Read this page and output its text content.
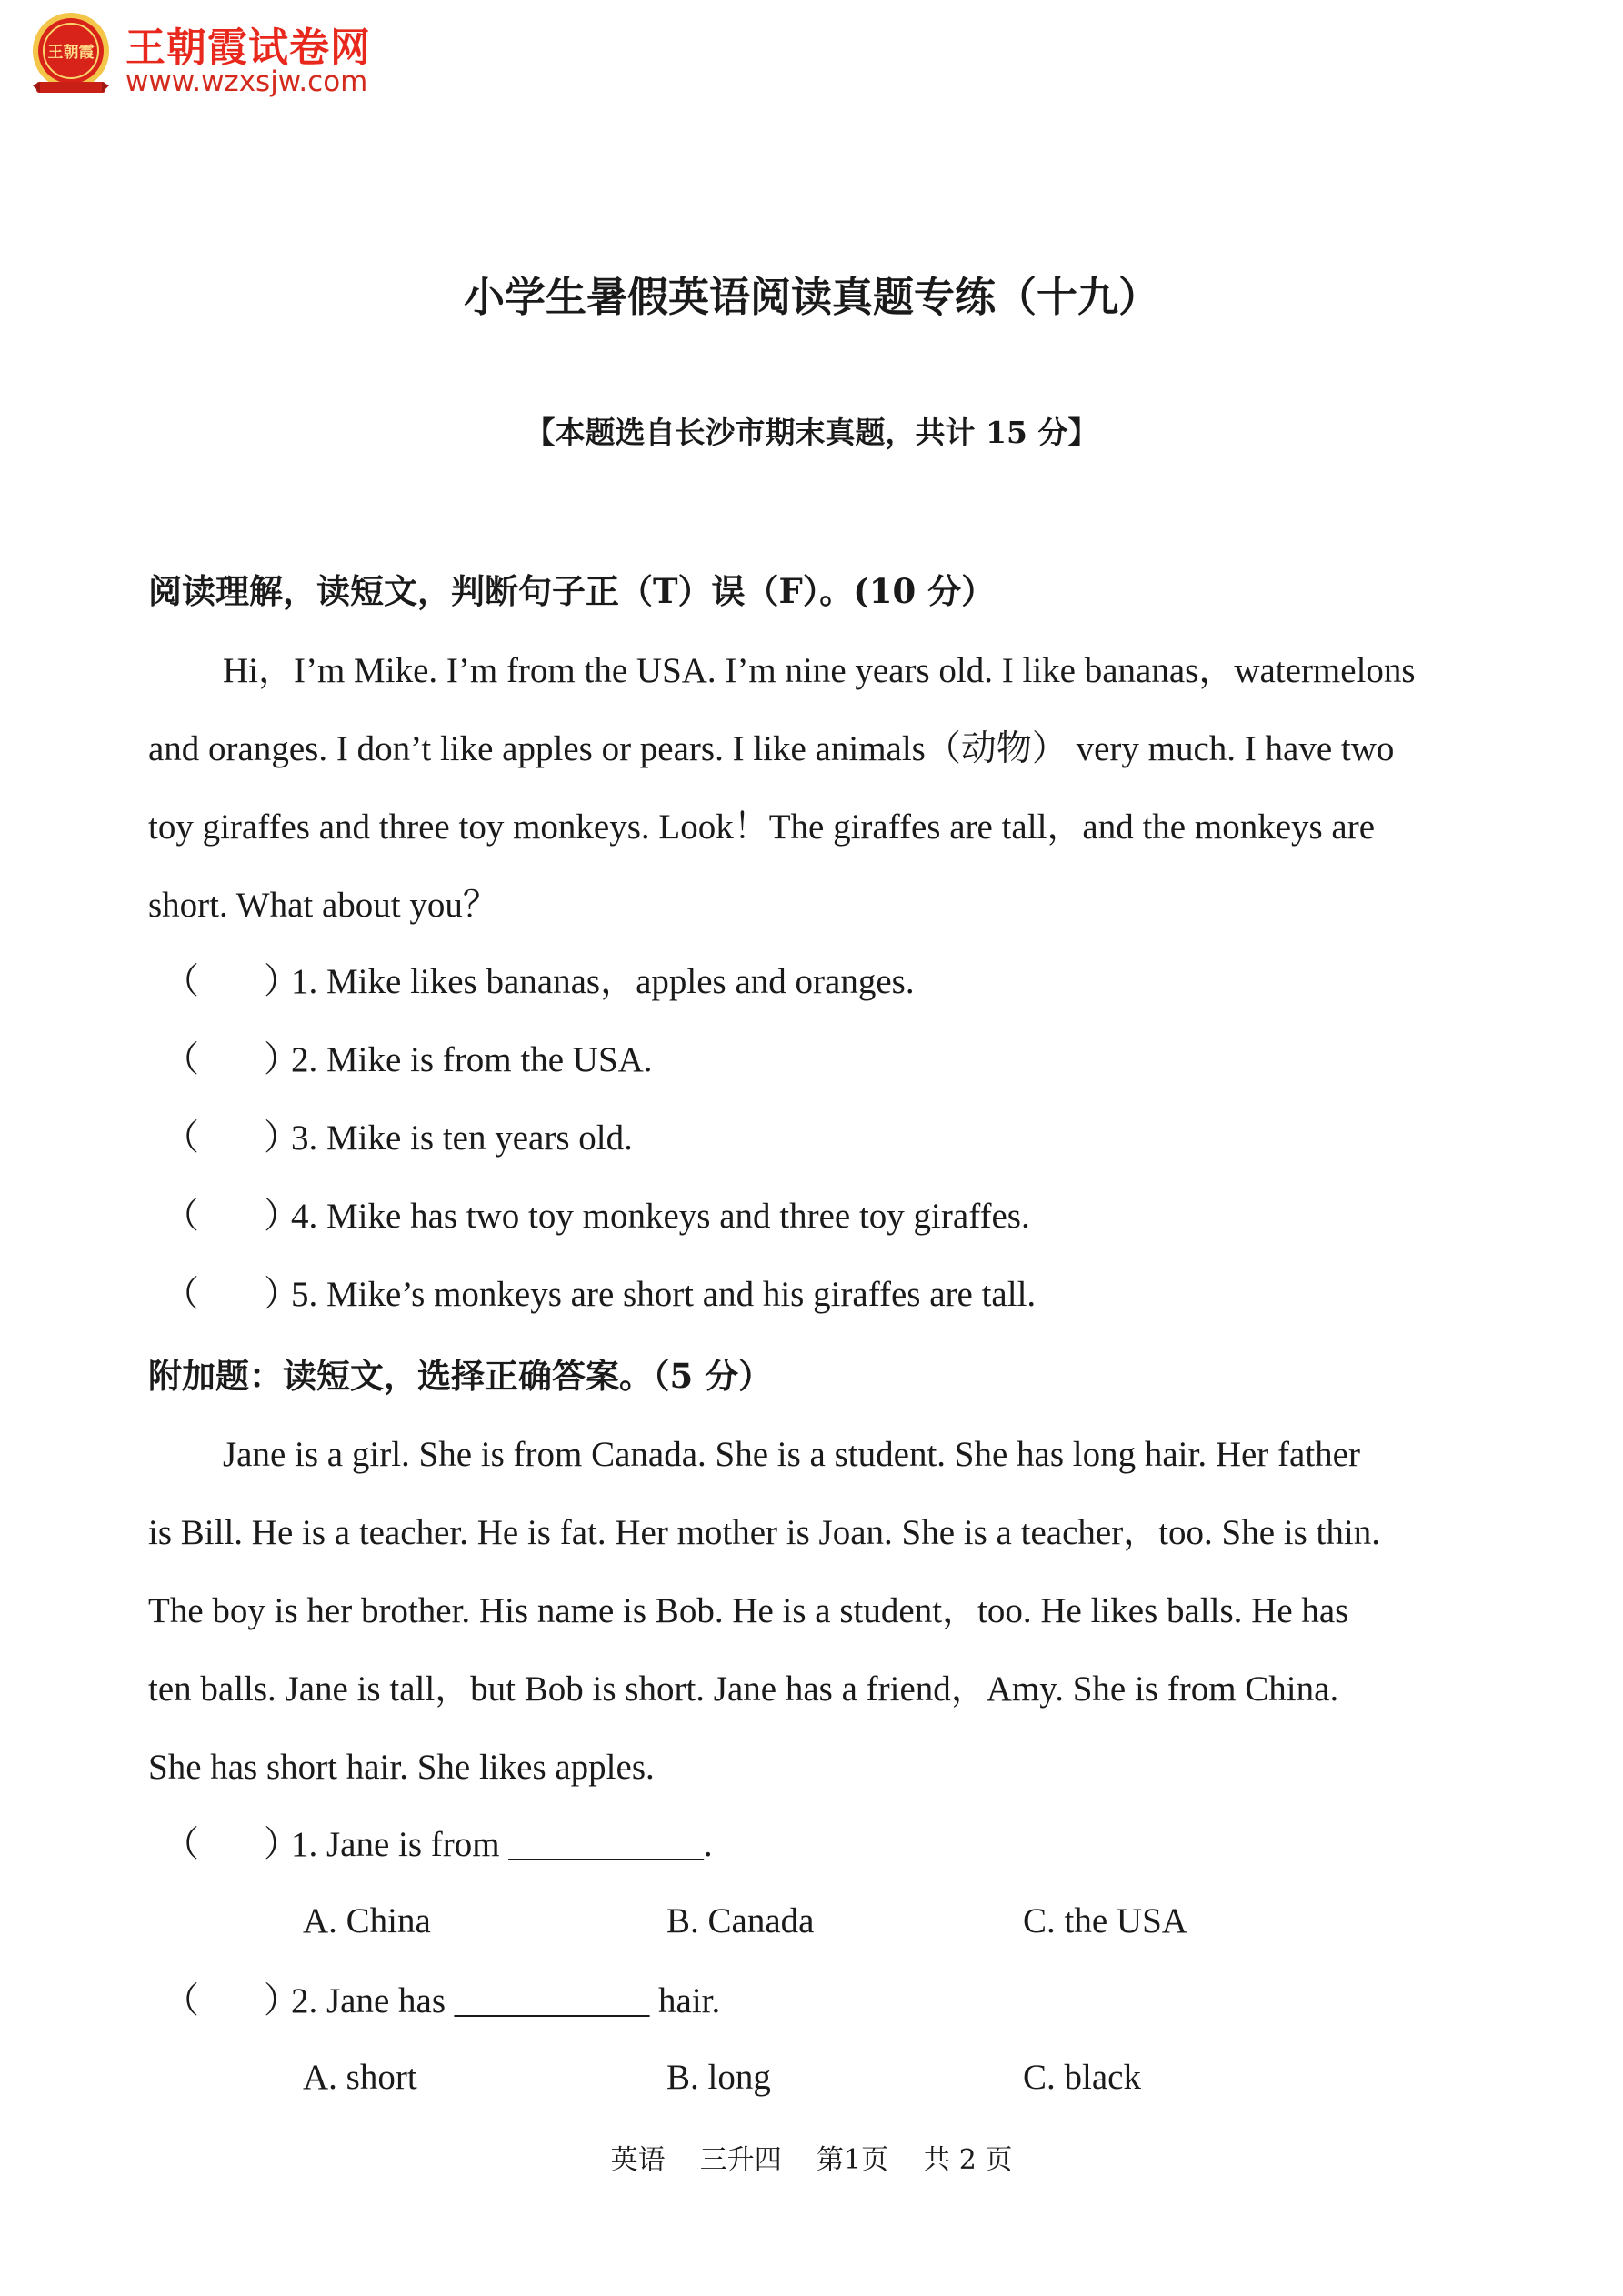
王朝霞 王朝霞试卷网
www.wzxsjw.com
小学生暑假英语阅读真题专练（十九）
【本题选自长沙市期末真题，共计 15 分】
阅读理解，读短文，判断句子正（T）误（F）。(10 分）
Hi，I’m Mike. I’m from the USA. I’m nine years old. I like bananas，watermelons
and oranges. I don’t like apples or pears. I like animals（动物） very much. I have two
toy giraffes and three toy monkeys. Look！The giraffes are tall，and the monkeys are
short. What about you？
（ ）1. Mike likes bananas，apples and oranges.
（ ）2. Mike is from the USA.
（ ）3. Mike is ten years old.
（ ）4. Mike has two toy monkeys and three toy giraffes.
（ ）5. Mike’s monkeys are short and his giraffes are tall.
附加题：读短文，选择正确答案。（5 分）
Jane is a girl. She is from Canada. She is a student. She has long hair. Her father
is Bill. He is a teacher. He is fat. Her mother is Joan. She is a teacher，too. She is thin.
The boy is her brother. His name is Bob. He is a student，too. He likes balls. He has
ten balls. Jane is tall，but Bob is short. Jane has a friend，Amy. She is from China.
She has short hair. She likes apples.
（ ）1. Jane is from ___________.
A. China	B. Canada	C. the USA
（ ）2. Jane has ___________ hair.
A. short	B. long	C. black
英语    三升四    第1页    共 2 页
